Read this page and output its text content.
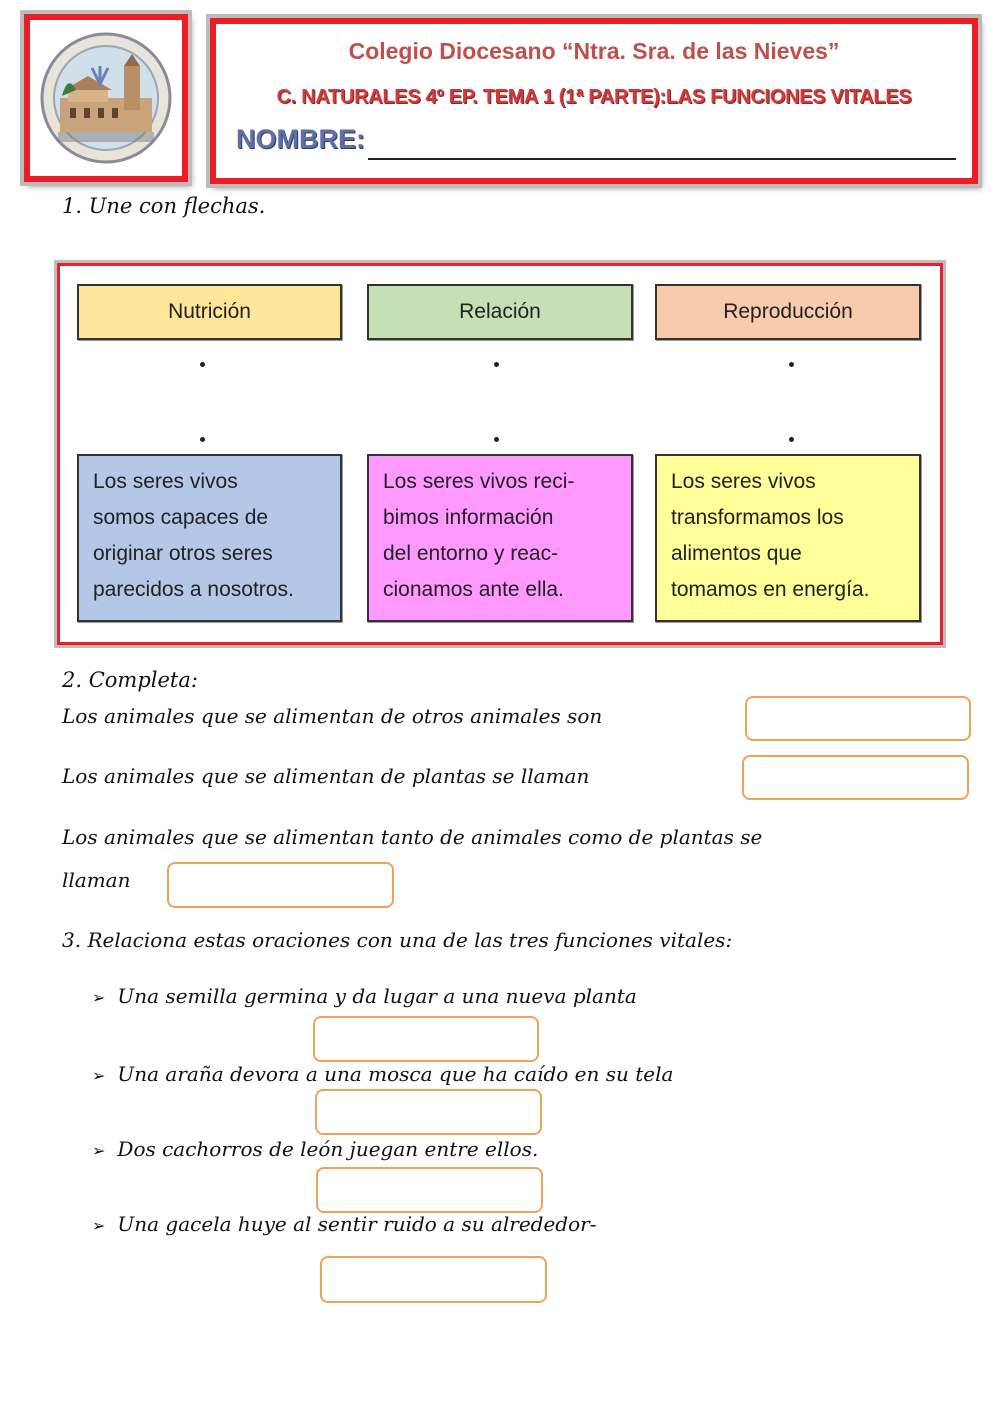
Colegio Diocesano “Ntra. Sra. de las Nieves”
C. NATURALES 4º EP. TEMA 1 (1ª PARTE):LAS FUNCIONES VITALES
NOMBRE:
1. Une con flechas.
Nutrición	Relación	Reproducción
Los seres vivos
somos capaces de
originar otros seres
parecidos a nosotros.
Los seres vivos reci-
bimos información
del entorno y reac-
cionamos ante ella.
Los seres vivos
transformamos los
alimentos que
tomamos en energía.
2. Completa:
Los animales que se alimentan de otros animales son
Los animales que se alimentan de plantas se llaman
Los animales que se alimentan tanto de animales como de plantas se
llaman
3. Relaciona estas oraciones con una de las tres funciones vitales:
➢ Una semilla germina y da lugar a una nueva planta
➢ Una araña devora a una mosca que ha caído en su tela
➢ Dos cachorros de león juegan entre ellos.
➢ Una gacela huye al sentir ruido a su alrededor-
